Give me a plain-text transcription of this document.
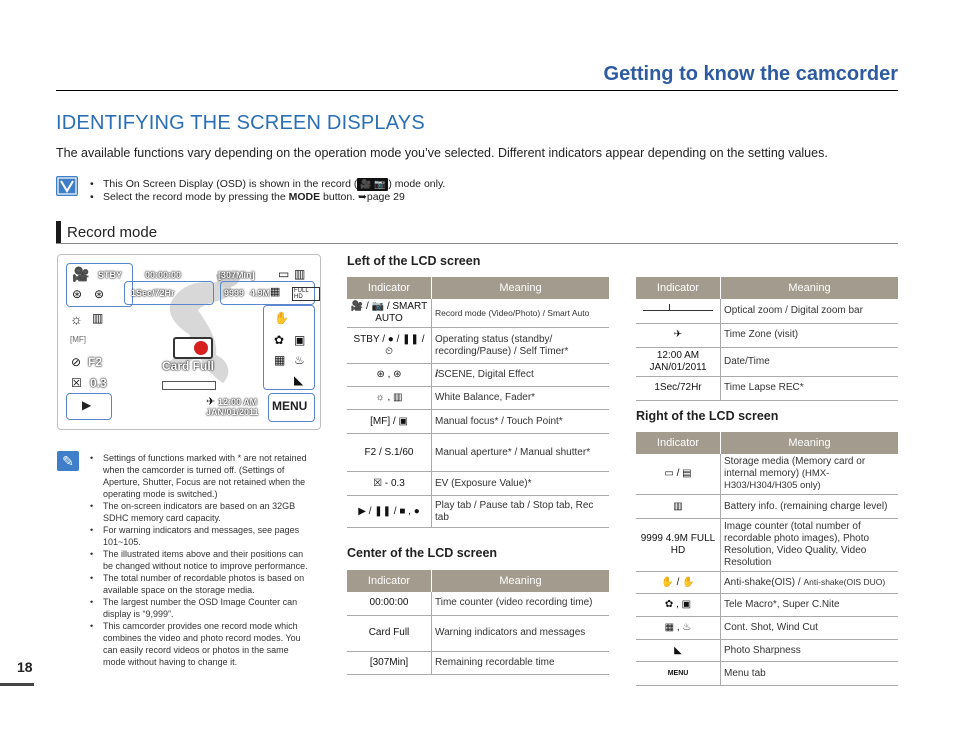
Getting to know the camcorder
IDENTIFYING THE SCREEN DISPLAYS
The available functions vary depending on the operation mode you’ve selected. Different indicators appear depending on the setting values.
• This On Screen Display (OSD) is shown in the record ( 🎥 📷 ) mode only.
• Select the record mode by pressing the MODE button. ➥page 29
Record mode
🎥 STBY	00:00:00	[307Min] ▭ ▥
⊛ ⊛	1Sec/72Hr	9999 4.9M ▦	FULL HD
☼ ▥
[MF]
⊘ F2
☒ 0.3
▶
Card Full
✈ 12:00 AM
JAN/01/2011
✋
✿ ▣
▦ ♨
◣
MENU
Left of the LCD screen
Indicator	Meaning
🎥 / 📷 / SMART AUTO	Record mode (Video/Photo) / Smart Auto
STBY / ● / ❚❚ / ⏲	Operating status (standby/ recording/Pause) / Self Timer*
⊛ , ⊛	𝒊SCENE, Digital Effect
☼ , ▥	White Balance, Fader*
[MF] / ▣	Manual focus* / Touch Point*
F2 / S.1/60	Manual aperture* / Manual shutter*
☒ - 0.3	EV (Exposure Value)*
▶ / ❚❚ / ■ , ●	Play tab / Pause tab / Stop tab, Rec tab
Center of the LCD screen
Indicator	Meaning
00:00:00	Time counter (video recording time)
Card Full	Warning indicators and messages
[307Min]	Remaining recordable time
Indicator	Meaning

	Optical zoom / Digital zoom bar
✈	Time Zone (visit)
12:00 AM JAN/01/2011	Date/Time
1Sec/72Hr	Time Lapse REC*
Right of the LCD screen
Indicator	Meaning
▭ / ▤	Storage media (Memory card or internal memory) (HMX-H303/H304/H305 only)
▥	Battery info. (remaining charge level)
9999 4.9M FULL HD	Image counter (total number of recordable photo images), Photo Resolution, Video Quality, Video Resolution
✋ / ✋	Anti-shake(OIS) / Anti-shake(OIS DUO)
✿ , ▣	Tele Macro*, Super C.Nite
▦ , ♨	Cont. Shot, Wind Cut
◣	Photo Sharpness
MENU	Menu tab
✎	• Settings of functions marked with * are not retained when the camcorder is turned off. (Settings of Aperture, Shutter, Focus are not retained when the operating mode is switched.)
• The on-screen indicators are based on an 32GB SDHC memory card capacity.
• For warning indicators and messages, see pages 101~105.
• The illustrated items above and their positions can be changed without notice to improve performance.
• The total number of recordable photos is based on available space on the storage media.
• The largest number the OSD Image Counter can display is “9,999”.
• This camcorder provides one record mode which combines the video and photo record modes. You can easily record videos or photos in the same mode without having to change it.
18
